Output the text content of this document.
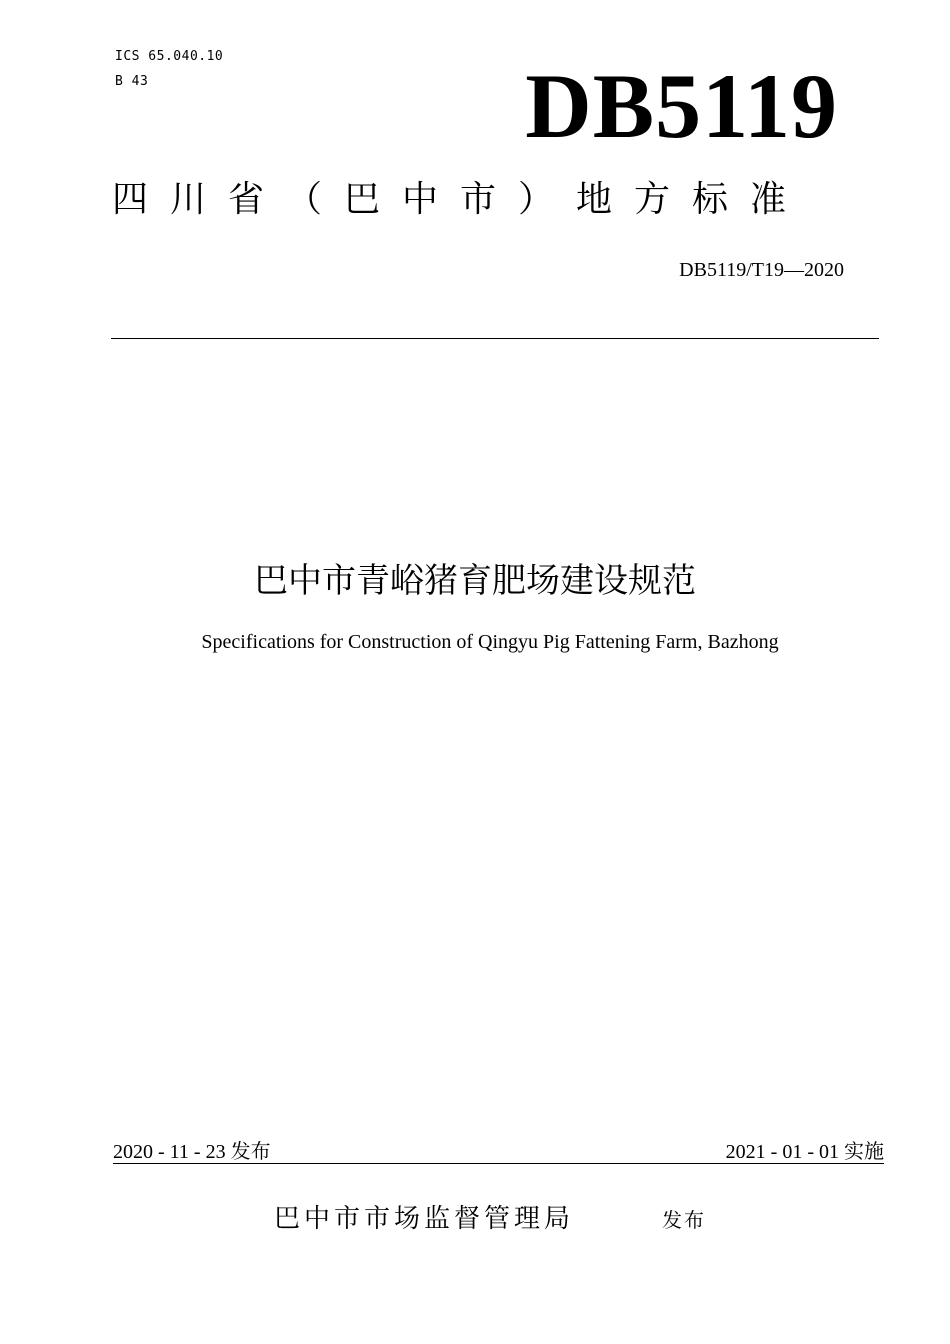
ICS 65.040.10
B 43	DB5119
四川省（巴中市）地方标准
DB5119/T19—2020
巴中市青峪猪育肥场建设规范
Specifications for Construction of Qingyu Pig Fattening Farm, Bazhong
2020 - 11 - 23 发布	2021 - 01 - 01 实施
巴中市市场监督管理局	发布
